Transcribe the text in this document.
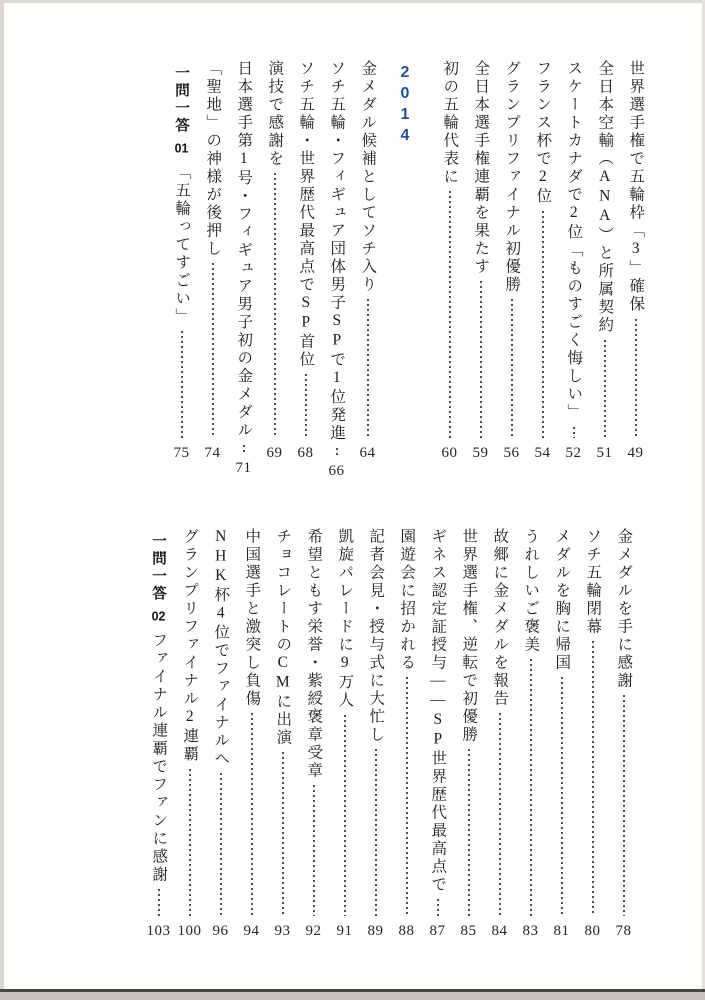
世界選手権で五輪枠「3」確保
49
全日本空輸（ANA）と所属契約
51
スケートカナダで2位「ものすごく悔しい」
52
フランス杯で2位
54
グランプリファイナル初優勝
56
全日本選手権連覇を果たす
59
初の五輪代表に
60
2014
金メダル候補としてソチ入り
64
ソチ五輪・フィギュア団体男子SPで1位発進
66
ソチ五輪・世界歴代最高点でSP首位
68
演技で感謝を
69
日本選手第1号・フィギュア男子初の金メダル
71
「聖地」の神様が後押し
74
一問一答
01
「五輪ってすごい」
75
金メダルを手に感謝
78
ソチ五輪閉幕
80
メダルを胸に帰国
81
うれしいご褒美
83
故郷に金メダルを報告
84
世界選手権、逆転で初優勝
85
ギネス認定証授与——SP世界歴代最高点で
87
園遊会に招かれる
88
記者会見・授与式に大忙し
89
凱旋パレードに9万人
91
希望ともす栄誉・紫綬褒章受章
92
チョコレートのCMに出演
93
中国選手と激突し負傷
94
NHK杯4位でファイナルへ
96
グランプリファイナル2連覇
100
一問一答
02
ファイナル連覇でファンに感謝
103
